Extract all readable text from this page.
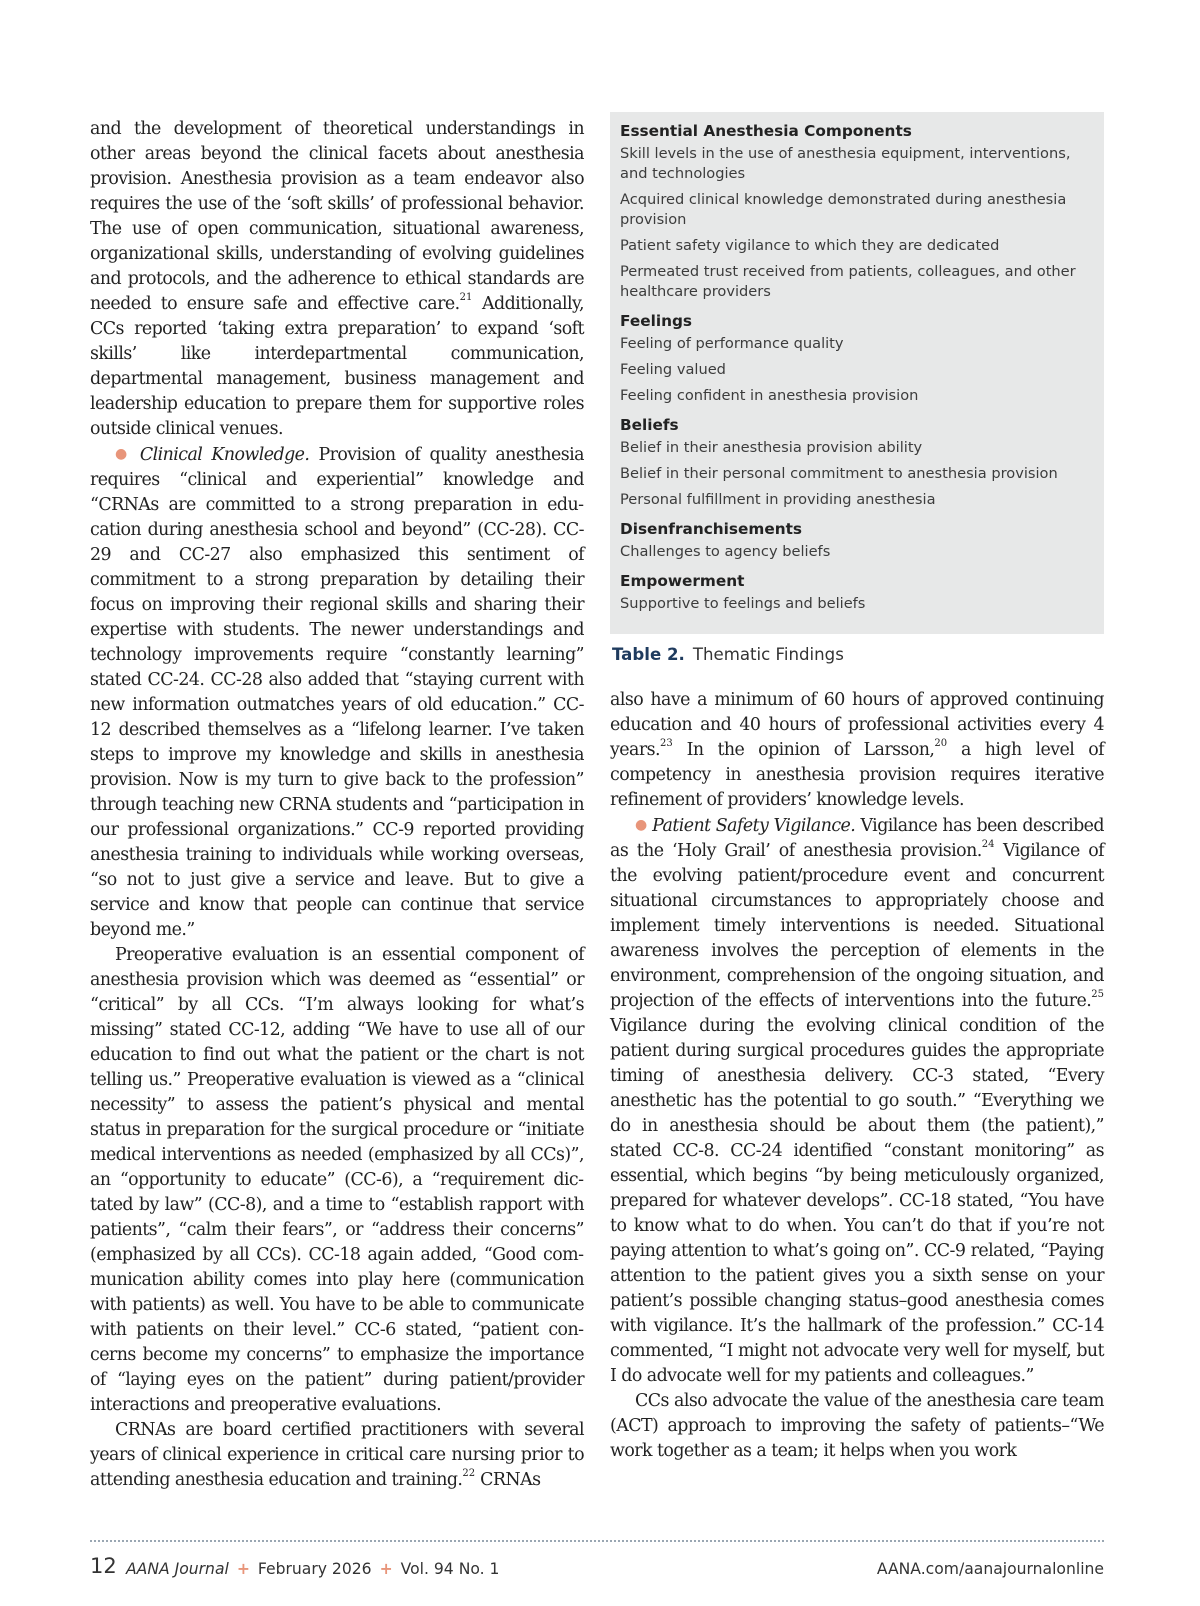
and the development of theoretical understandings in other areas beyond the clinical facets about anesthesia provision. Anesthesia provision as a team endeavor also requires the use of the ‘soft skills’ of professional behavior. The use of open communication, situational awareness, organizational skills, understanding of evolving guidelines and protocols, and the adherence to ethical standards are needed to ensure safe and effective care.$^{21}$ Additionally, CCs reported ‘taking extra preparation’ to expand ‘soft skills’ like interdepartmental communication, departmental management, business management and leadership education to prepare them for supportive roles outside clinical venues.

● Clinical Knowledge. Provision of quality anesthesia requires “clinical and experiential” knowledge and “CRNAs are committed to a strong preparation in education during anesthesia school and beyond” (CC-28). CC-29 and CC-27 also emphasized this sentiment of commitment to a strong preparation by detailing their focus on improving their regional skills and sharing their expertise with students. The newer understandings and technology improvements require “constantly learning” stated CC-24. CC-28 also added that “staying current with new information outmatches years of old education.” CC-12 described themselves as a “lifelong learner. I’ve taken steps to improve my knowledge and skills in anesthesia provision. Now is my turn to give back to the profession” through teaching new CRNA students and “participation in our professional organizations.” CC-9 reported providing anesthesia training to individuals while working overseas, “so not to just give a service and leave. But to give a service and know that people can continue that service beyond me.”

Preoperative evaluation is an essential component of anesthesia provision which was deemed as “essential” or “critical” by all CCs. “I’m always looking for what’s missing” stated CC-12, adding “We have to use all of our education to find out what the patient or the chart is not telling us.” Preoperative evaluation is viewed as a “clinical necessity” to assess the patient’s physical and mental status in preparation for the surgical procedure or “initiate medical interventions as needed (emphasized by all CCs)”, an “opportunity to educate” (CC-6), a “requirement dictated by law” (CC-8), and a time to “establish rapport with patients”, “calm their fears”, or “address their concerns” (emphasized by all CCs). CC-18 again added, “Good communication ability comes into play here (communication with patients) as well. You have to be able to communicate with patients on their level.” CC-6 stated, “patient concerns become my concerns” to emphasize the importance of “laying eyes on the patient” during patient/provider interactions and preoperative evaluations.

CRNAs are board certified practitioners with several years of clinical experience in critical care nursing prior to attending anesthesia education and training.$^{22}$ CRNAs

Essential Anesthesia Components
Skill levels in the use of anesthesia equipment, interventions, and technologies
Acquired clinical knowledge demonstrated during anesthesia provision
Patient safety vigilance to which they are dedicated
Permeated trust received from patients, colleagues, and other healthcare providers
Feelings
Feeling of performance quality
Feeling valued
Feeling confident in anesthesia provision
Beliefs
Belief in their anesthesia provision ability
Belief in their personal commitment to anesthesia provision
Personal fulfillment in providing anesthesia
Disenfranchisements
Challenges to agency beliefs
Empowerment
Supportive to feelings and beliefs
Table 2. Thematic Findings

also have a minimum of 60 hours of approved continuing education and 40 hours of professional activities every 4 years.$^{23}$ In the opinion of Larsson,$^{20}$ a high level of competency in anesthesia provision requires iterative refinement of providers’ knowledge levels.

● Patient Safety Vigilance. Vigilance has been described as the ‘Holy Grail’ of anesthesia provision.$^{24}$ Vigilance of the evolving patient/procedure event and concurrent situational circumstances to appropriately choose and implement timely interventions is needed. Situational awareness involves the perception of elements in the environment, comprehension of the ongoing situation, and projection of the effects of interventions into the future.$^{25}$ Vigilance during the evolving clinical condition of the patient during surgical procedures guides the appropriate timing of anesthesia delivery. CC-3 stated, “Every anesthetic has the potential to go south.” “Everything we do in anesthesia should be about them (the patient),” stated CC-8. CC-24 identified “constant monitoring” as essential, which begins “by being meticulously organized, prepared for whatever develops”. CC-18 stated, “You have to know what to do when. You can’t do that if you’re not paying attention to what’s going on”. CC-9 related, “Paying attention to the patient gives you a sixth sense on your patient’s possible changing status–good anesthesia comes with vigilance. It’s the hallmark of the profession.” CC-14 commented, “I might not advocate very well for myself, but I do advocate well for my patients and colleagues.”

CCs also advocate the value of the anesthesia care team (ACT) approach to improving the safety of patients–“We work together as a team; it helps when you work

12 AANA Journal + February 2026 + Vol. 94 No. 1	AANA.com/aanajournalonline
